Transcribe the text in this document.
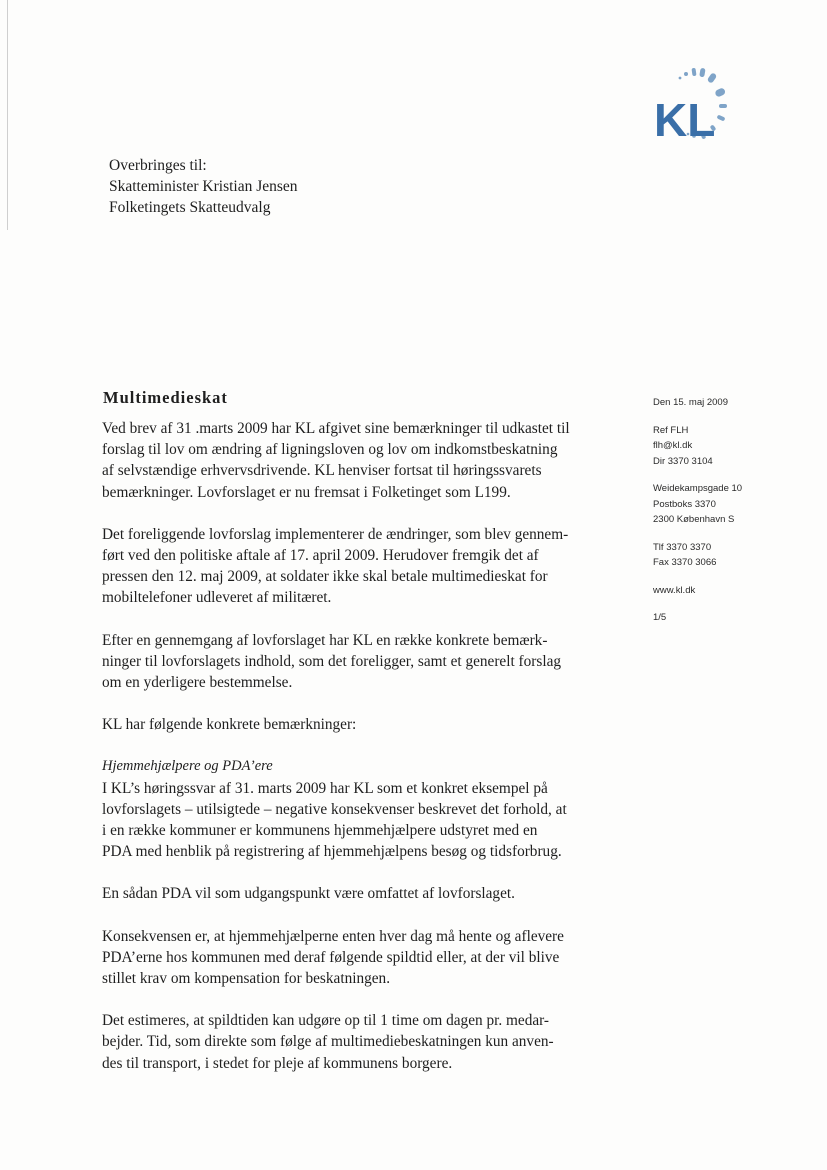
KL
Overbringes til:
Skatteminister Kristian Jensen
Folketingets Skatteudvalg
Multimedieskat
Ved brev af 31 .marts 2009 har KL afgivet sine bemærkninger til udkastet til
forslag til lov om ændring af ligningsloven og lov om indkomstbeskatning
af selvstændige erhvervsdrivende. KL henviser fortsat til høringssvarets
bemærkninger. Lovforslaget er nu fremsat i Folketinget som L199.
Det foreliggende lovforslag implementerer de ændringer, som blev gennem-
ført ved den politiske aftale af 17. april 2009. Herudover fremgik det af
pressen den 12. maj 2009, at soldater ikke skal betale multimedieskat for
mobiltelefoner udleveret af militæret.
Efter en gennemgang af lovforslaget har KL en række konkrete bemærk-
ninger til lovforslagets indhold, som det foreligger, samt et generelt forslag
om en yderligere bestemmelse.
KL har følgende konkrete bemærkninger:
Hjemmehjælpere og PDA’ere
I KL’s høringssvar af 31. marts 2009 har KL som et konkret eksempel på
lovforslagets – utilsigtede – negative konsekvenser beskrevet det forhold, at
i en række kommuner er kommunens hjemmehjælpere udstyret med en
PDA med henblik på registrering af hjemmehjælpens besøg og tidsforbrug.
En sådan PDA vil som udgangspunkt være omfattet af lovforslaget.
Konsekvensen er, at hjemmehjælperne enten hver dag må hente og aflevere
PDA’erne hos kommunen med deraf følgende spildtid eller, at der vil blive
stillet krav om kompensation for beskatningen.
Det estimeres, at spildtiden kan udgøre op til 1 time om dagen pr. medar-
bejder. Tid, som direkte som følge af multimediebeskatningen kun anven-
des til transport, i stedet for pleje af kommunens borgere.
Den 15. maj 2009
Ref FLH
flh@kl.dk
Dir 3370 3104
Weidekampsgade 10
Postboks 3370
2300 København S
Tlf 3370 3370
Fax 3370 3066
www.kl.dk
1/5
